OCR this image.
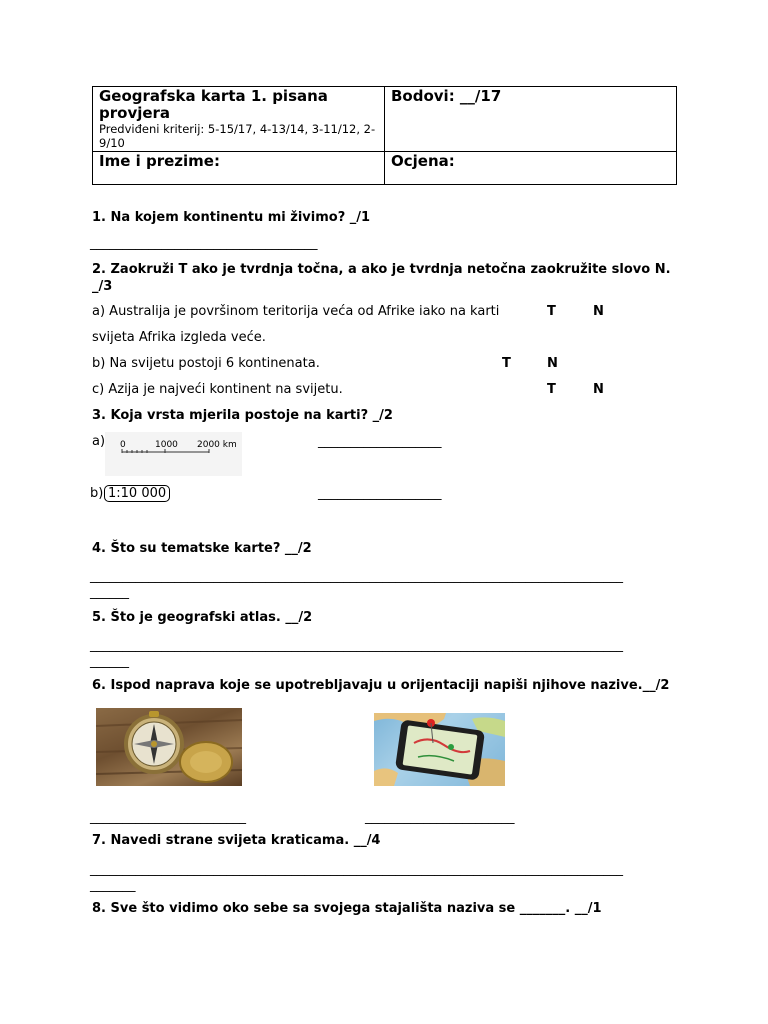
Geografska karta 1. pisana provjera
Predviđeni kriterij: 5-15/17, 4-13/14, 3-11/12, 2-9/10	Bodovi: __/17

Ime i prezime:	Ocjena:
1. Na kojem kontinentu mi živimo? _/1
___________________________________
2. Zaokruži T ako je tvrdnja točna, a ako je tvrdnja netočna zaokružite slovo N.
_/3
a) Australija je površinom teritorija veća od Afrike iako na karti	T	N
svijeta Afrika izgleda veće.
b) Na svijetu postoji 6 kontinenata.	T	N
c) Azija je najveći kontinent na svijetu.	T	N
3. Koja vrsta mjerila postoje na karti? _/2
a) 0	1000 2000 km	___________________
b) 1:10 000	___________________
4. Što su tematske karte? __/2
__________________________________________________________________________________
______
5. Što je geografski atlas. __/2
__________________________________________________________________________________
______
6. Ispod naprava koje se upotrebljavaju u orijentaciji napiši njihove nazive.__/2
________________________	_______________________
7. Navedi strane svijeta kraticama. __/4
__________________________________________________________________________________
_______
8. Sve što vidimo oko sebe sa svojega stajališta naziva se _______. __/1
